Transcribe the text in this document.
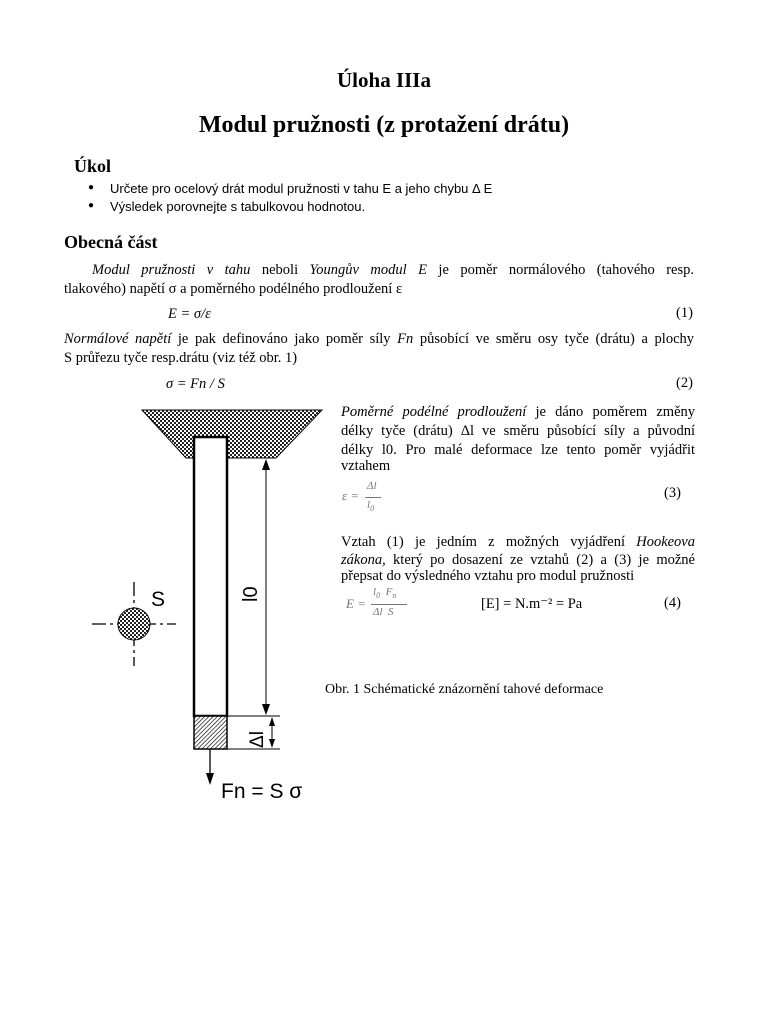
Úloha IIIa
Modul pružnosti (z protažení drátu)
Úkol
● Určete pro ocelový drát modul pružnosti v tahu E a jeho chybu Δ E
● Výsledek porovnejte s tabulkovou hodnotou.
Obecná část
Modul pružnosti v tahu neboli Youngův modul E je poměr normálového (tahového resp.
tlakového) napětí σ a poměrného podélného prodloužení ε
E = σ/ε	(1)
Normálové napětí je pak definováno jako poměr síly Fn působící ve směru osy tyče (drátu) a plochy
S průřezu tyče resp.drátu (viz též obr. 1)
σ = Fn / S	(2)
Poměrné podélné prodloužení je dáno poměrem změny
délky tyče (drátu) Δl ve směru působící síly a původní
délky l0. Pro malé deformace lze tento poměr vyjádřit
vztahem
ε =
Δl
$l_0$
(3)
Vztah (1) je jedním z možných vyjádření Hookeova
zákona, který po dosazení ze vztahů (2) a (3) je možné
přepsat do výsledného vztahu pro modul pružnosti
E =
$l_0$  $F_n$
Δl  S	[E] = N.m⁻² = Pa	(4)
Obr. 1 Schématické znázornění tahové deformace
S	l0
Δl
Fn = S σ
